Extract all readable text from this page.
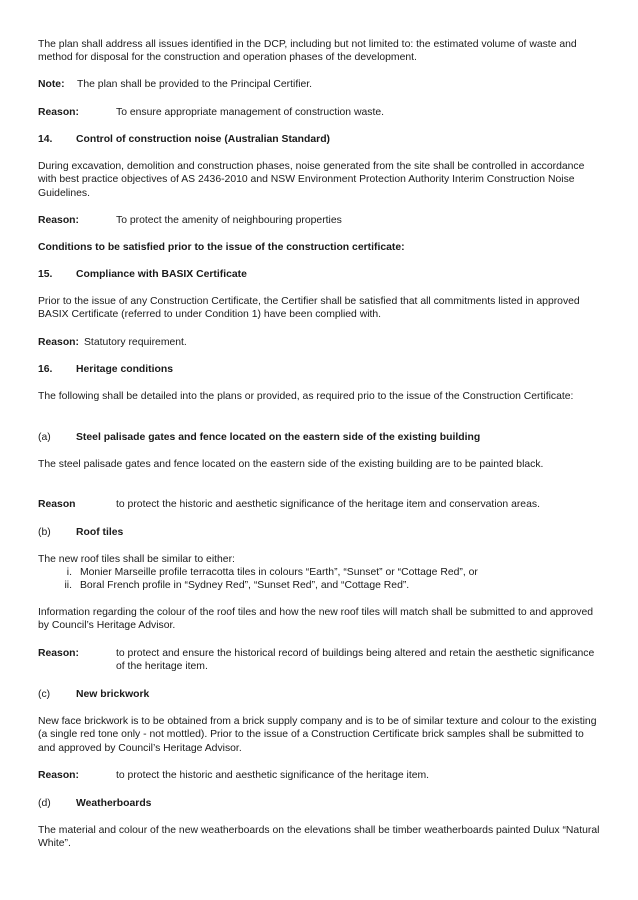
The plan shall address all issues identified in the DCP, including but not limited to: the estimated volume of waste and method for disposal for the construction and operation phases of the development.

Note:	The plan shall be provided to the Principal Certifier.
Reason:	To ensure appropriate management of construction waste.
14. Control of construction noise (Australian Standard)

During excavation, demolition and construction phases, noise generated from the site shall be controlled in accordance with best practice objectives of AS 2436-2010 and NSW Environment Protection Authority Interim Construction Noise Guidelines.

Reason:	To protect the amenity of neighbouring properties
Conditions to be satisfied prior to the issue of the construction certificate:
15. Compliance with BASIX Certificate

Prior to the issue of any Construction Certificate, the Certifier shall be satisfied that all commitments listed in approved BASIX Certificate (referred to under Condition 1) have been complied with.

Reason: Statutory requirement.
16. Heritage conditions

The following shall be detailed into the plans or provided, as required prio to the issue of the Construction Certificate:

(a) Steel palisade gates and fence located on the eastern side of the existing building

The steel palisade gates and fence located on the eastern side of the existing building are to be painted black.

Reason	to protect the historic and aesthetic significance of the heritage item and conservation areas.
(b) Roof tiles

The new roof tiles shall be similar to either:

i. Monier Marseille profile terracotta tiles in colours “Earth”, “Sunset” or “Cottage Red”, or
ii. Boral French profile in “Sydney Red”, “Sunset Red”, and “Cottage Red”.

Information regarding the colour of the roof tiles and how the new roof tiles will match shall be submitted to and approved by Council’s Heritage Advisor.

Reason:	to protect and ensure the historical record of buildings being altered and retain the aesthetic significance of the heritage item.
(c) New brickwork

New face brickwork is to be obtained from a brick supply company and is to be of similar texture and colour to the existing (a single red tone only - not mottled). Prior to the issue of a Construction Certificate brick samples shall be submitted to and approved by Council’s Heritage Advisor.

Reason:	to protect the historic and aesthetic significance of the heritage item.
(d) Weatherboards

The material and colour of the new weatherboards on the elevations shall be timber weatherboards painted Dulux “Natural White”.
